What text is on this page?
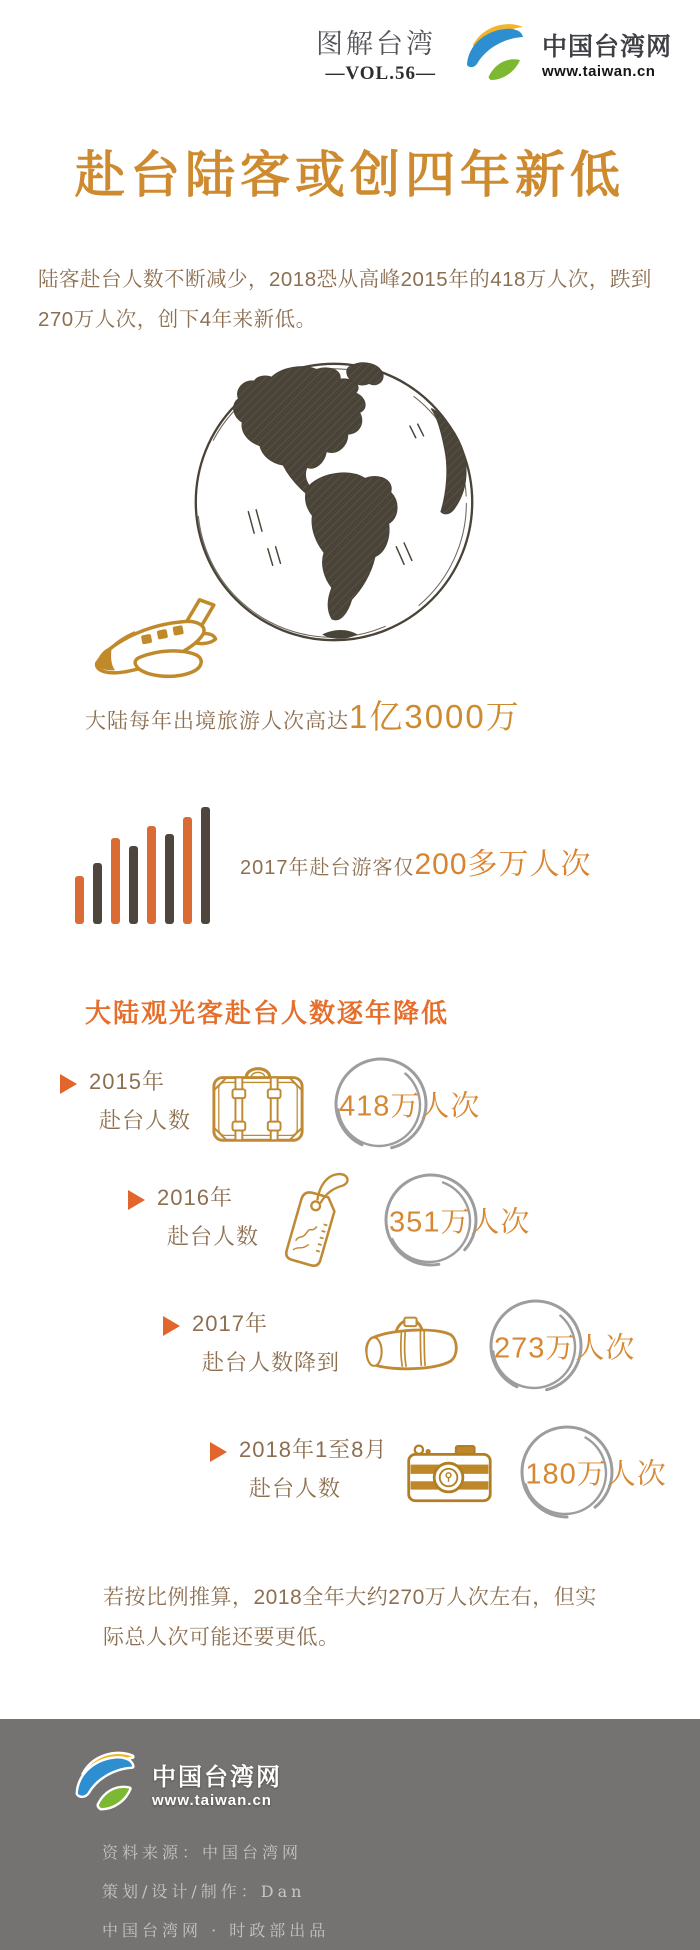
图解台湾
—VOL.56—
中国台湾网
www.taiwan.cn
赴台陆客或创四年新低

陆客赴台人数不断减少，2018恐从高峰2015年的418万人次，跌到270万人次，创下4年来新低。

大陆每年出境旅游人次高达1亿3000万
2017年赴台游客仅200多万人次
大陆观光客赴台人数逐年降低
2015年
赴台人数	418万人次
2016年
赴台人数	351万人次
2017年
赴台人数降到	273万人次
2018年1至8月
赴台人数	180万人次

若按比例推算，2018全年大约270万人次左右，但实际总人次可能还要更低。

中国台湾网
www.taiwan.cn
资料来源：中国台湾网
策划/设计/制作：Dan
中国台湾网 · 时政部出品
